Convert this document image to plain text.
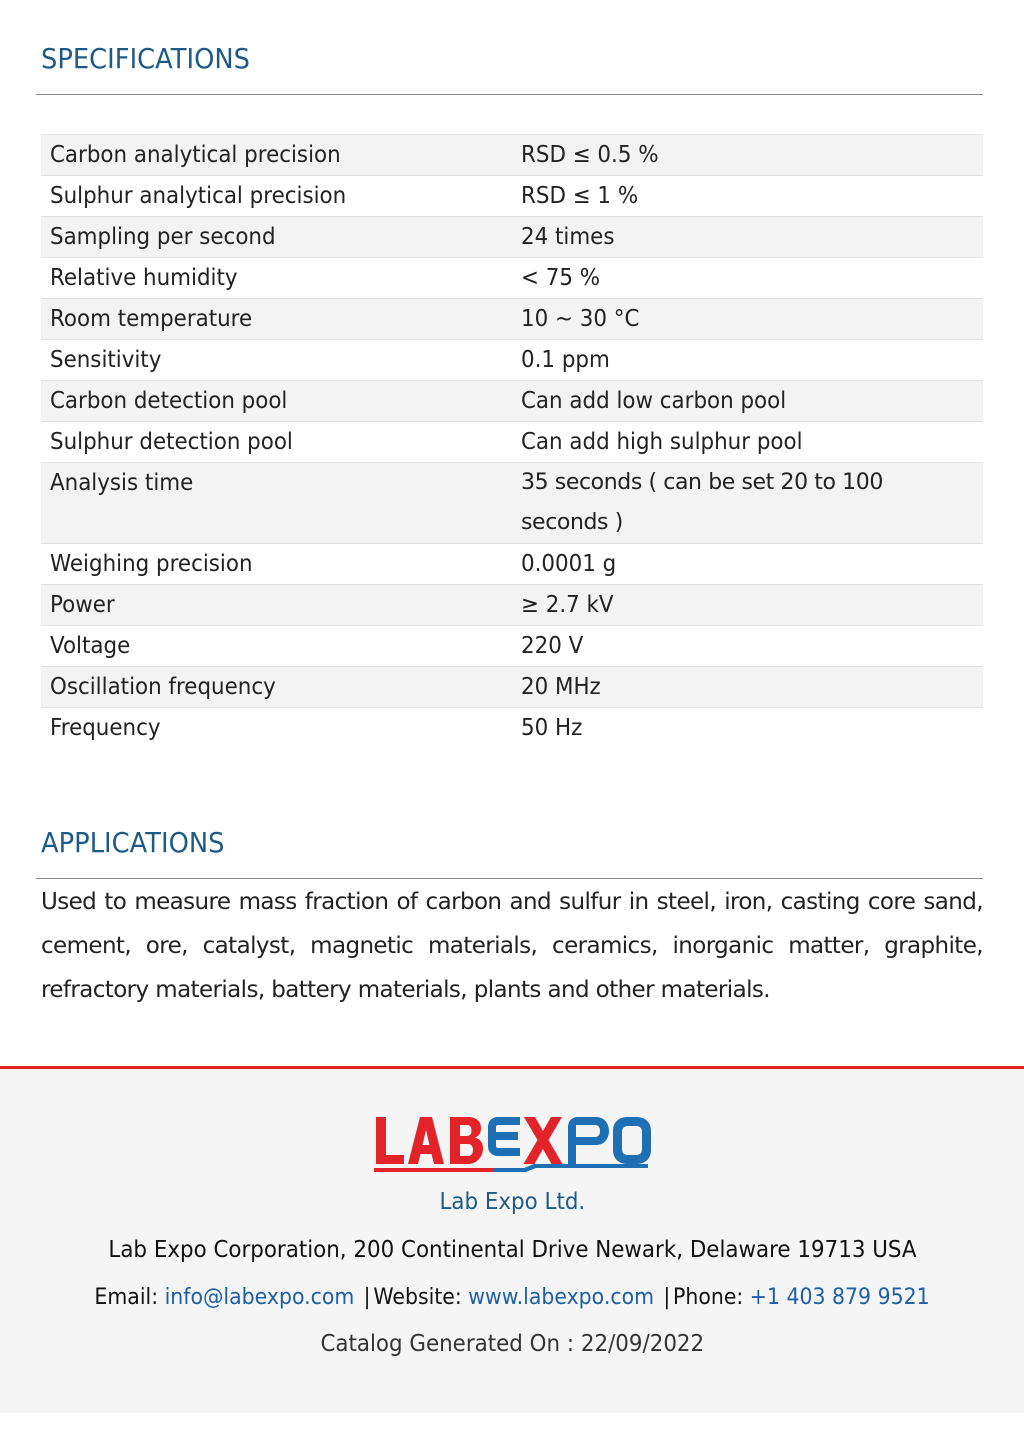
SPECIFICATIONS
Carbon analytical precision	RSD ≤ 0.5 %
Sulphur analytical precision	RSD ≤ 1 %
Sampling per second	24 times
Relative humidity	< 75 %
Room temperature	10 ~ 30 °C
Sensitivity	0.1 ppm
Carbon detection pool	Can add low carbon pool
Sulphur detection pool	Can add high sulphur pool
Analysis time	35 seconds ( can be set 20 to 100 seconds )
Weighing precision	0.0001 g
Power	≥ 2.7 kV
Voltage	220 V
Oscillation frequency	20 MHz
Frequency	50 Hz
APPLICATIONS

Used to measure mass fraction of carbon and sulfur in steel, iron, casting core sand, cement, ore, catalyst, magnetic materials, ceramics, inorganic matter, graphite, refractory materials, battery materials, plants and other materials.

Lab Expo Ltd.
Lab Expo Corporation, 200 Continental Drive Newark, Delaware 19713 USA
Email: info@labexpo.com | Website: www.labexpo.com | Phone: +1 403 879 9521
Catalog Generated On : 22/09/2022
